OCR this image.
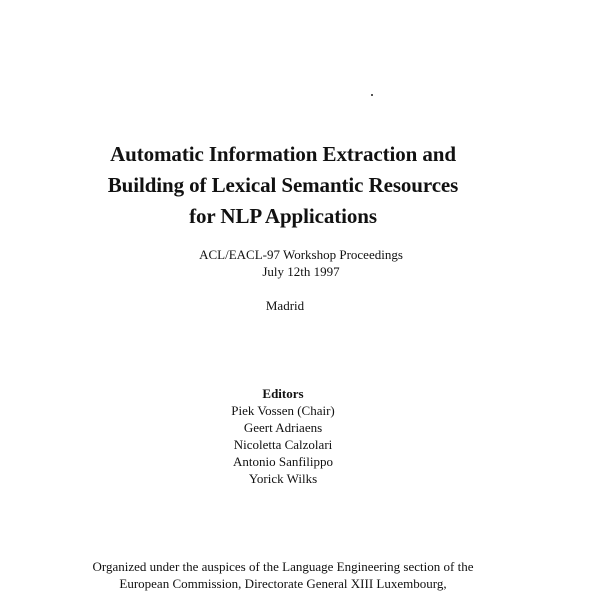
Automatic Information Extraction and
Building of Lexical Semantic Resources
for NLP Applications
ACL/EACL-97 Workshop Proceedings
July 12th 1997
Madrid
Editors
Piek Vossen (Chair)
Geert Adriaens
Nicoletta Calzolari
Antonio Sanfilippo
Yorick Wilks
Organized under the auspices of the Language Engineering section of the
European Commission, Directorate General XIII Luxembourg,
